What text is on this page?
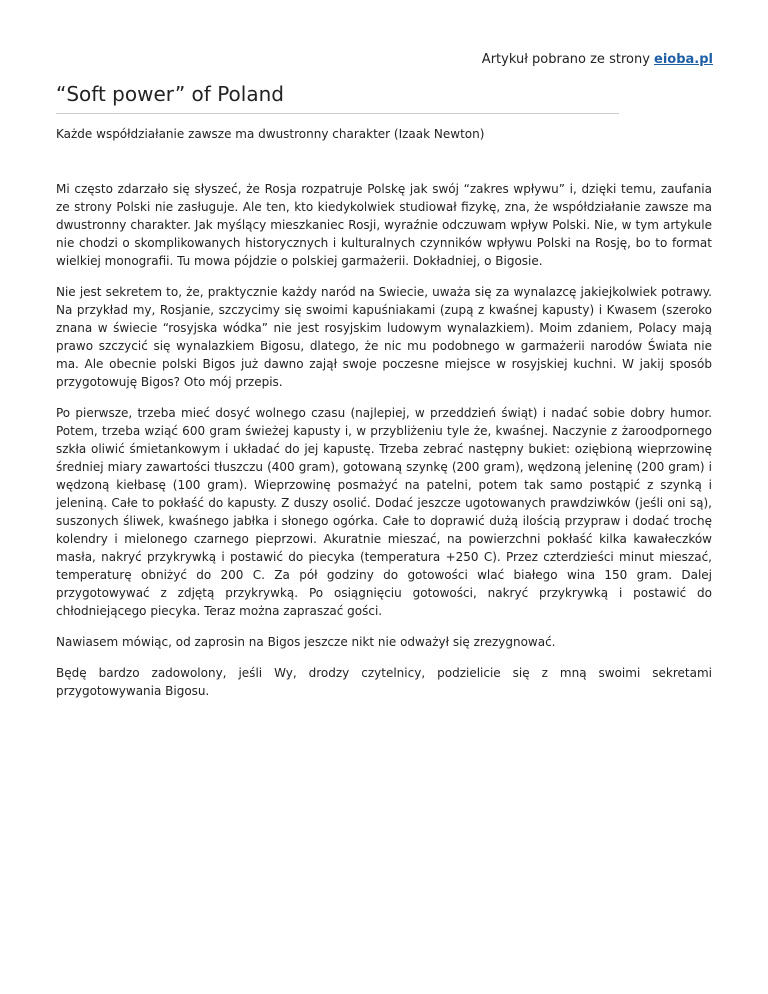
Artykuł pobrano ze strony eioba.pl
“Soft power” of Poland

Każde współdziałanie zawsze ma dwustronny charakter (Izaak Newton)

Mi często zdarzało się słyszeć, że Rosja rozpatruje Polskę jak swój “zakres wpływu” i, dzięki temu, zaufania ze strony Polski nie zasługuje. Ale ten, kto kiedykolwiek studiował fizykę, zna, że współdziałanie zawsze ma dwustronny charakter. Jak myślący mieszkaniec Rosji, wyraźnie odczuwam wpływ Polski. Nie, w tym artykule nie chodzi o skomplikowanych historycznych i kulturalnych czynników wpływu Polski na Rosję, bo to format wielkiej monografii. Tu mowa pójdzie o polskiej garmażerii. Dokładniej, o Bigosie.

Nie jest sekretem to, że, praktycznie każdy naród na Swiecie, uważa się za wynalazcę jakiejkolwiek potrawy. Na przykład my, Rosjanie, szczycimy się swoimi kapuśniakami (zupą z kwaśnej kapusty) i Kwasem (szeroko znana w świecie “rosyjska wódka” nie jest rosyjskim ludowym wynalazkiem). Moim zdaniem, Polacy mają prawo szczycić się wynalazkiem Bigosu, dlatego, że nic mu podobnego w garmażerii narodów Świata nie ma. Ale obecnie polski Bigos już dawno zajął swoje poczesne miejsce w rosyjskiej kuchni. W jakij sposób przygotowuję Bigos? Oto mój przepis.

Po pierwsze, trzeba mieć dosyć wolnego czasu (najlepiej, w przeddzień świąt) i nadać sobie dobry humor. Potem, trzeba wziąć 600 gram świeżej kapusty i, w przybliżeniu tyle że, kwaśnej. Naczynie z żaroodpornego szkła oliwić śmietankowym i układać do jej kapustę. Trzeba zebrać następny bukiet: oziębioną wieprzowinę średniej miary zawartości tłuszczu (400 gram), gotowaną szynkę (200 gram), wędzoną jeleninę (200 gram) i wędzoną kiełbasę (100 gram). Wieprzowinę posmażyć na patelni, potem tak samo postąpić z szynką i jeleniną. Całe to pokłaść do kapusty. Z duszy osolić. Dodać jeszcze ugotowanych prawdziwków (jeśli oni są), suszonych śliwek, kwaśnego jabłka i słonego ogórka. Całe to doprawić dużą ilością przypraw i dodać trochę kolendry i mielonego czarnego pieprzowi. Akuratnie mieszać, na powierzchni pokłaść kilka kawałeczków masła, nakryć przykrywką i postawić do piecyka (temperatura +250 C). Przez czterdzieści minut mieszać, temperaturę obniżyć do 200 C. Za pół godziny do gotowości wlać białego wina 150 gram. Dalej przygotowywać z zdjętą przykrywką. Po osiągnięciu gotowości, nakryć przykrywką i postawić do chłodniejącego piecyka. Teraz można zapraszać gości.

Nawiasem mówiąc, od zaprosin na Bigos jeszcze nikt nie odważył się zrezygnować.

Będę bardzo zadowolony, jeśli Wy, drodzy czytelnicy, podzielicie się z mną swoimi sekretami przygotowywania Bigosu.
